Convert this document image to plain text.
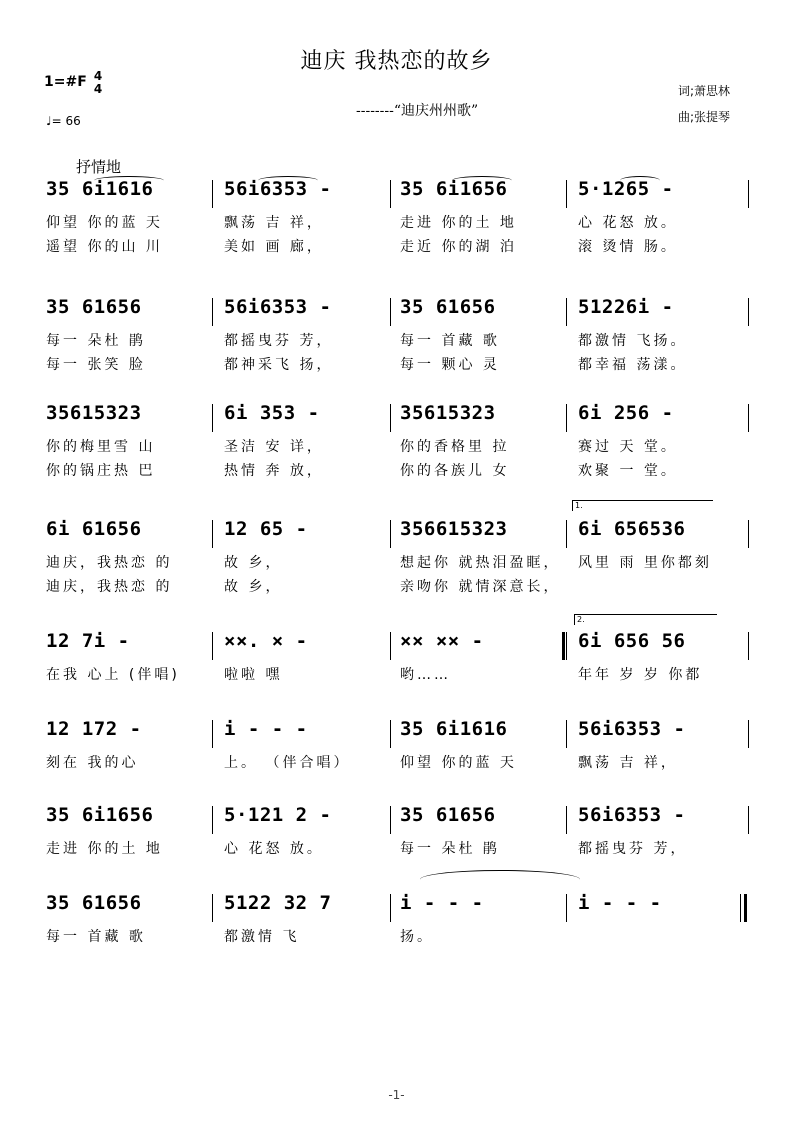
迪庆 我热恋的故乡
1=#F 4
4
♩= 66
--------“迪庆州州歌”
词;萧思林
曲;张提琴
抒情地
35 6i1616
仰望 你的蓝 天
遥望 你的山 川
56i6353 -
飘荡 吉 祥，
美如 画 廊，
35 6i1656
走进 你的土 地
走近 你的湖 泊
5·1265 -
心 花怒 放。
滚 烫情 肠。
35 61656
每一 朵杜 鹃
每一 张笑 脸
56i6353 -
都摇曳芬 芳，
都神采飞 扬，
35 61656
每一 首藏 歌
每一 颗心 灵
51226i -
都激情 飞扬。
都幸福 荡漾。
35615323
你的梅里雪 山
你的锅庄热 巴
6i 353 -
圣洁 安 详，
热情 奔 放，
35615323
你的香格里 拉
你的各族儿 女
6i 256 -
赛过 天 堂。
欢聚 一 堂。
6i 61656
迪庆，我热恋 的
迪庆，我热恋 的
12 65 -
故 乡，
故 乡，
356615323
想起你 就热泪盈眶，
亲吻你 就情深意长，
6i 656536
风里 雨 里你都刻
12 7i -
在我 心上 (伴唱)
××. × -
啦啦 嘿
×× ×× -
哟……
6i 656 56
年年 岁 岁 你都
12 172 -
刻在 我的心
i - - -
上。 （伴合唱）
35 6i1616
仰望 你的蓝 天
56i6353 -
飘荡 吉 祥，
35 6i1656
走进 你的土 地
5·121 2 -
心 花怒 放。
35 61656
每一 朵杜 鹃
56i6353 -
都摇曳芬 芳，
35 61656
每一 首藏 歌
5122 32 7
都激情 飞
i - - -
扬。
i - - -
-1-
1.
2.
